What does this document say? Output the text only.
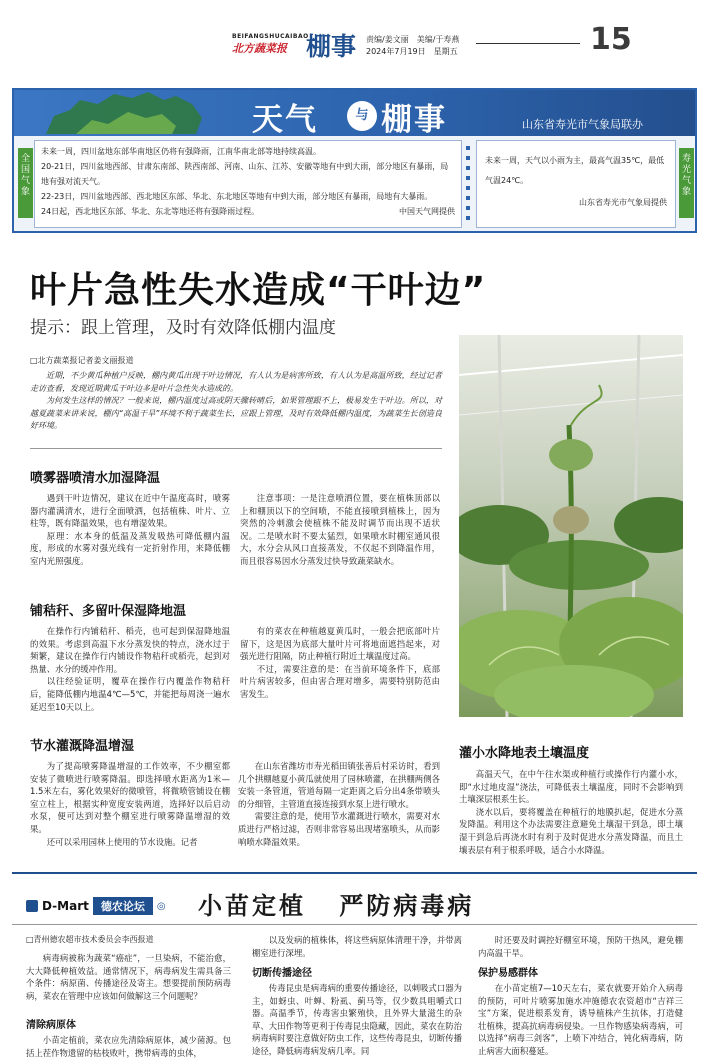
BEIFANGSHUCAIBAO
北方蔬菜报 棚事 责编/姜文丽　美编/于寿燕
2024年7月19日　星期五	15
天气	与 棚事	山东省寿光市气象局联办
全国气象
未来一周，四川盆地东部华南地区仍将有强降雨，江南华南北部等地持续高温。
20-21日，四川盆地西部、甘肃东南部、陕西南部、河南、山东、江苏、安徽等地有中到大雨，部分地区有暴雨，局地有强对流天气。
22-23日，四川盆地西部、西北地区东部、华北、东北地区等地有中到大雨，部分地区有暴雨，局地有大暴雨。
24日起，西北地区东部、华北、东北等地还将有强降雨过程。	中国天气网提供
未来一周，天气以小雨为主，最高气温35℃，最低气温24℃。
山东省寿光市气象局提供
寿光气象
叶片急性失水造成“干叶边”
提示：跟上管理，及时有效降低棚内温度
□北方蔬菜报记者姜文丽报道
近期，不少黄瓜种植户反映，棚内黄瓜出现干叶边情况，有人认为是病害所致，有人认为是高温所致，经过记者走访查看，发现近期黄瓜干叶边多是叶片急性失水造成的。
为何发生这样的情况？一般来说，棚内温度过高或阴天骤转晴后，如果管理跟不上，极易发生干叶边。所以，对越夏蔬菜来讲来说，棚内“高温干旱”环境不利于蔬菜生长，应跟上管理，及时有效降低棚内温度，为蔬菜生长创造良好环境。
喷雾器喷清水加湿降温

遇到干叶边情况，建议在近中午温度高时，喷雾器内灌满清水，进行全面喷洒，包括植株、叶片、立柱等，既有降温效果，也有增湿效果。

原理：水本身的低温及蒸发吸热可降低棚内温度，形成的水雾对强光线有一定折射作用，来降低棚室内光照强度。

注意事项：一是注意喷洒位置，要在植株顶部以上和棚顶以下的空间喷，不能直接喷到植株上，因为突然的冷刺激会使植株不能及时调节而出现不适状况。二是喷水时不要太猛烈，如果喷水时棚室通风很大，水分会从风口直接蒸发，不仅起不到降温作用，而且很容易因水分蒸发过快导致蔬菜缺水。

铺秸秆、多留叶保湿降地温

在操作行内铺秸秆、稻壳，也可起到保湿降地温的效果。考虑到高温下水分蒸发快的特点，浇水过于频繁，建议在操作行内铺设作物秸秆或稻壳，起到对热量、水分的缓冲作用。

以往经验证明，覆草在操作行内覆盖作物秸秆后，能降低棚内地温4℃—5℃，并能把每周浇一遍水延迟至10天以上。

有的菜农在种植越夏黄瓜时，一般会把底部叶片留下，这是因为底部大量叶片可将地面遮挡起来，对强光进行阻隔，防止种植行附近土壤温度过高。

不过，需要注意的是：在当前环境条件下，底部叶片病害较多，但由害合理对增多，需要特别防范由害发生。

节水灌溉降温增湿

为了提高喷雾降温增湿的工作效率，不少棚室都安装了微喷进行喷雾降温。即选择喷水距离为1米—1.5米左右，雾化效果好的微喷管，将微喷管铺设在棚室立柱上，根据实种宽度安装两道，选择好以后启动水泵，便可达到对整个棚室进行喷雾降温增湿的效果。

还可以采用园林上使用的节水设施。记者

在山东省潍坊市寿光稻田镇张善后村采访时，看到几个拱棚越夏小黄瓜就使用了园林喷灌，在拱棚两侧各安装一条管道，管道每隔一定距离之后分出4条带喷头的分细管，主管道直接连接到水泵上进行喷水。

需要注意的是，使用节水灌溉进行喷水，需要对水质进行严格过滤，否则非常容易出现堵塞喷头，从而影响喷水降温效果。

灌小水降地表土壤温度

高温天气，在中午往水渠或种植行或操作行内灌小水，即“水过地皮湿”浇法，可降低表土壤温度，同时不会影响到土壤深层根系生长。

浇水以后，要将覆盖在种植行的地膜扒起，促进水分蒸发降温。利用这个办法需要注意避免土壤湿干到急，即土壤湿干到急后再浇水时有利于及时促进水分蒸发降温，而且土壤表层有利于根系呼吸，适合小水降温。

D-Mart	德农论坛	◎ 小苗定植 严防病毒病
□青州德农超市技术委员会李西报道

病毒病被称为蔬菜“癌症”，一旦染病，不能治愈，大大降低种植效益。通常情况下，病毒病发生需具备三个条件：病原菌、传播途径及寄主。想要提前预防病毒病，菜农在管理中应该如何做解这三个问题呢？

清除病原体

小苗定植前，菜农应先清除病原体，减少菌源。包括上茬作物遗留的枯枝败叶，携带病毒的虫体，

以及发病的植株体，将这些病原体清理干净，并带离棚室进行深埋。

切断传播途径

传毒昆虫是病毒病的重要传播途径，以刺吸式口器为主，如蚜虫、叶蝉、粉虱、蓟马等，仅少数具咀嚼式口器。高温季节，传毒害虫繁殖快，且外界大量滋生的杂草、大田作物等更利于传毒昆虫隐藏，因此，菜农在防治病毒病时要注意做好防虫工作，这些传毒昆虫，切断传播途径，降低病毒病发病几率。同

时还要及时调控好棚室环境，预防干热风，避免棚内高温干旱。

保护易感群体

在小苗定植7—10天左右，菜农就要开始介入病毒的预防，可叶片喷雾加施水冲施德农农资超市“吉祥三宝”方案，促进根系发育，诱导植株产生抗体，打造健壮植株，提高抗病毒病侵染。一旦作物感染病毒病，可以选择“病毒三剑客”，上喷下冲结合，钝化病毒病，防止病害大面积蔓延。
